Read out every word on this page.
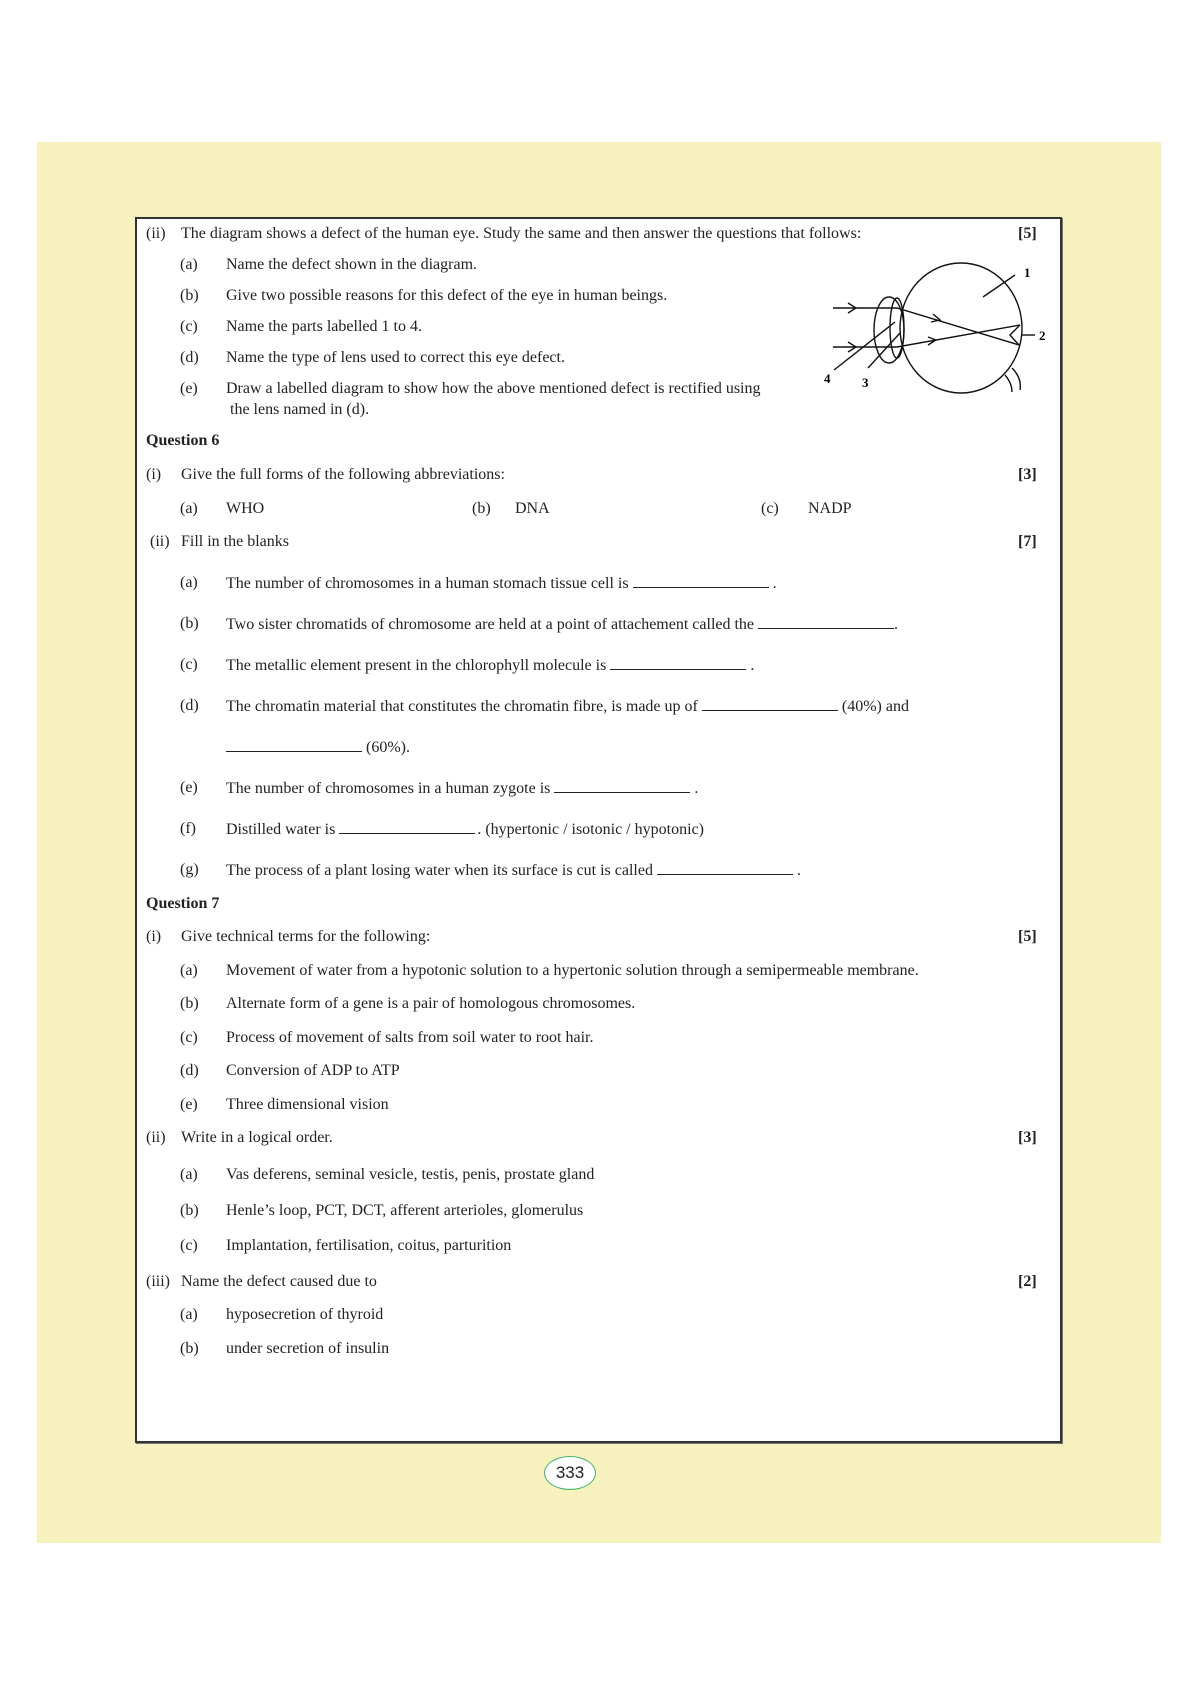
(ii) The diagram shows a defect of the human eye. Study the same and then answer the questions that follows:	[5]
(a) Name the defect shown in the diagram.
(b) Give two possible reasons for this defect of the eye in human beings.
(c) Name the parts labelled 1 to 4.
(d) Name the type of lens used to correct this eye defect.
(e) Draw a labelled diagram to show how the above mentioned defect is rectified using
the lens named in (d).
1
2
3
4
Question 6
(i) Give the full forms of the following abbreviations:	[3]
(a) WHO	(b) DNA	(c) NADP
(ii) Fill in the blanks	[7]
(a) The number of chromosomes in a human stomach tissue cell is	.
(b) Two sister chromatids of chromosome are held at a point of attachement called the	.
(c) The metallic element present in the chlorophyll molecule is	.
(d) The chromatin material that constitutes the chromatin fibre, is made up of	(40%) and
(60%).
(e) The number of chromosomes in a human zygote is	.
(f) Distilled water is	. (hypertonic / isotonic / hypotonic)
(g) The process of a plant losing water when its surface is cut is called	.
Question 7
(i) Give technical terms for the following:	[5]
(a) Movement of water from a hypotonic solution to a hypertonic solution through a semipermeable membrane.
(b) Alternate form of a gene is a pair of homologous chromosomes.
(c) Process of movement of salts from soil water to root hair.
(d) Conversion of ADP to ATP
(e) Three dimensional vision
(ii) Write in a logical order.	[3]
(a) Vas deferens, seminal vesicle, testis, penis, prostate gland
(b) Henle’s loop, PCT, DCT, afferent arterioles, glomerulus
(c) Implantation, fertilisation, coitus, parturition
(iii) Name the defect caused due to	[2]
(a) hyposecretion of thyroid
(b) under secretion of insulin
333
